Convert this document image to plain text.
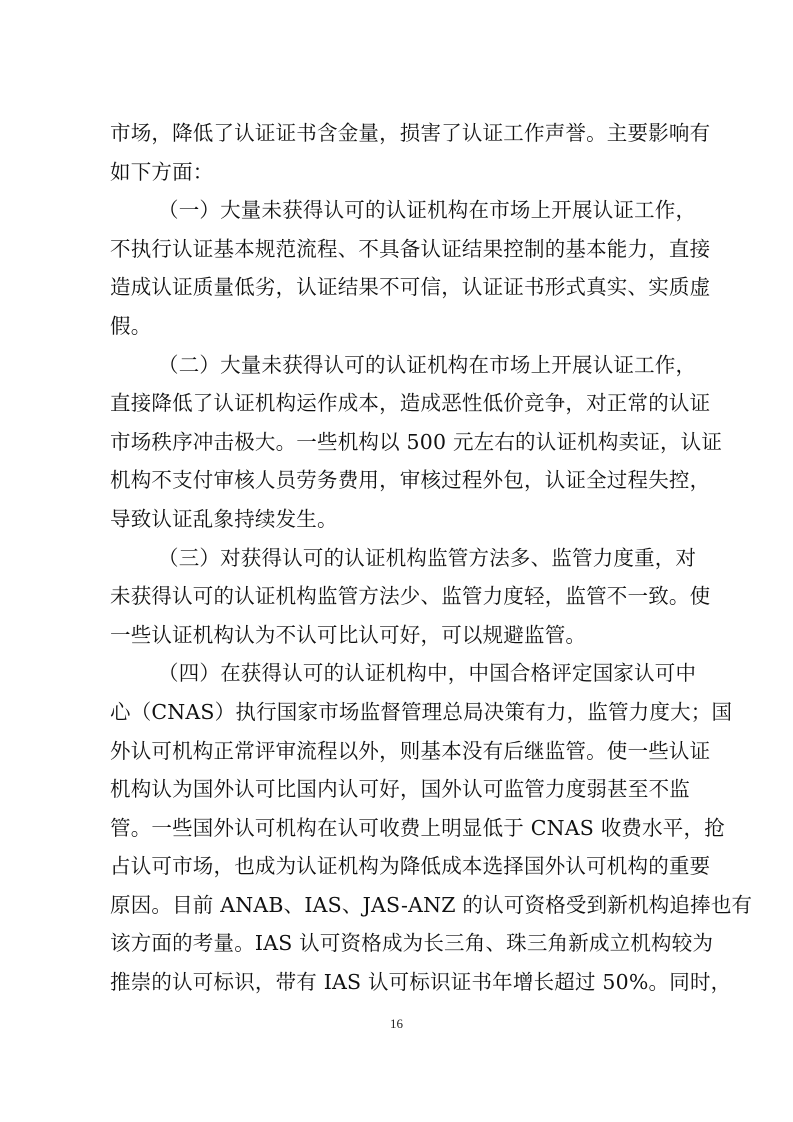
市场，降低了认证证书含金量，损害了认证工作声誉。主要影响有
如下方面：
（一）大量未获得认可的认证机构在市场上开展认证工作，
不执行认证基本规范流程、不具备认证结果控制的基本能力，直接
造成认证质量低劣，认证结果不可信，认证证书形式真实、实质虚
假。
（二）大量未获得认可的认证机构在市场上开展认证工作，
直接降低了认证机构运作成本，造成恶性低价竞争，对正常的认证
市场秩序冲击极大。一些机构以 500 元左右的认证机构卖证，认证
机构不支付审核人员劳务费用，审核过程外包，认证全过程失控，
导致认证乱象持续发生。
（三）对获得认可的认证机构监管方法多、监管力度重，对
未获得认可的认证机构监管方法少、监管力度轻，监管不一致。使
一些认证机构认为不认可比认可好，可以规避监管。
（四）在获得认可的认证机构中，中国合格评定国家认可中
心（CNAS）执行国家市场监督管理总局决策有力，监管力度大；国
外认可机构正常评审流程以外，则基本没有后继监管。使一些认证
机构认为国外认可比国内认可好，国外认可监管力度弱甚至不监
管。一些国外认可机构在认可收费上明显低于 CNAS 收费水平，抢
占认可市场，也成为认证机构为降低成本选择国外认可机构的重要
原因。目前 ANAB、IAS、JAS-ANZ 的认可资格受到新机构追捧也有
该方面的考量。IAS 认可资格成为长三角、珠三角新成立机构较为
推崇的认可标识，带有 IAS 认可标识证书年增长超过 50%。同时，
16
